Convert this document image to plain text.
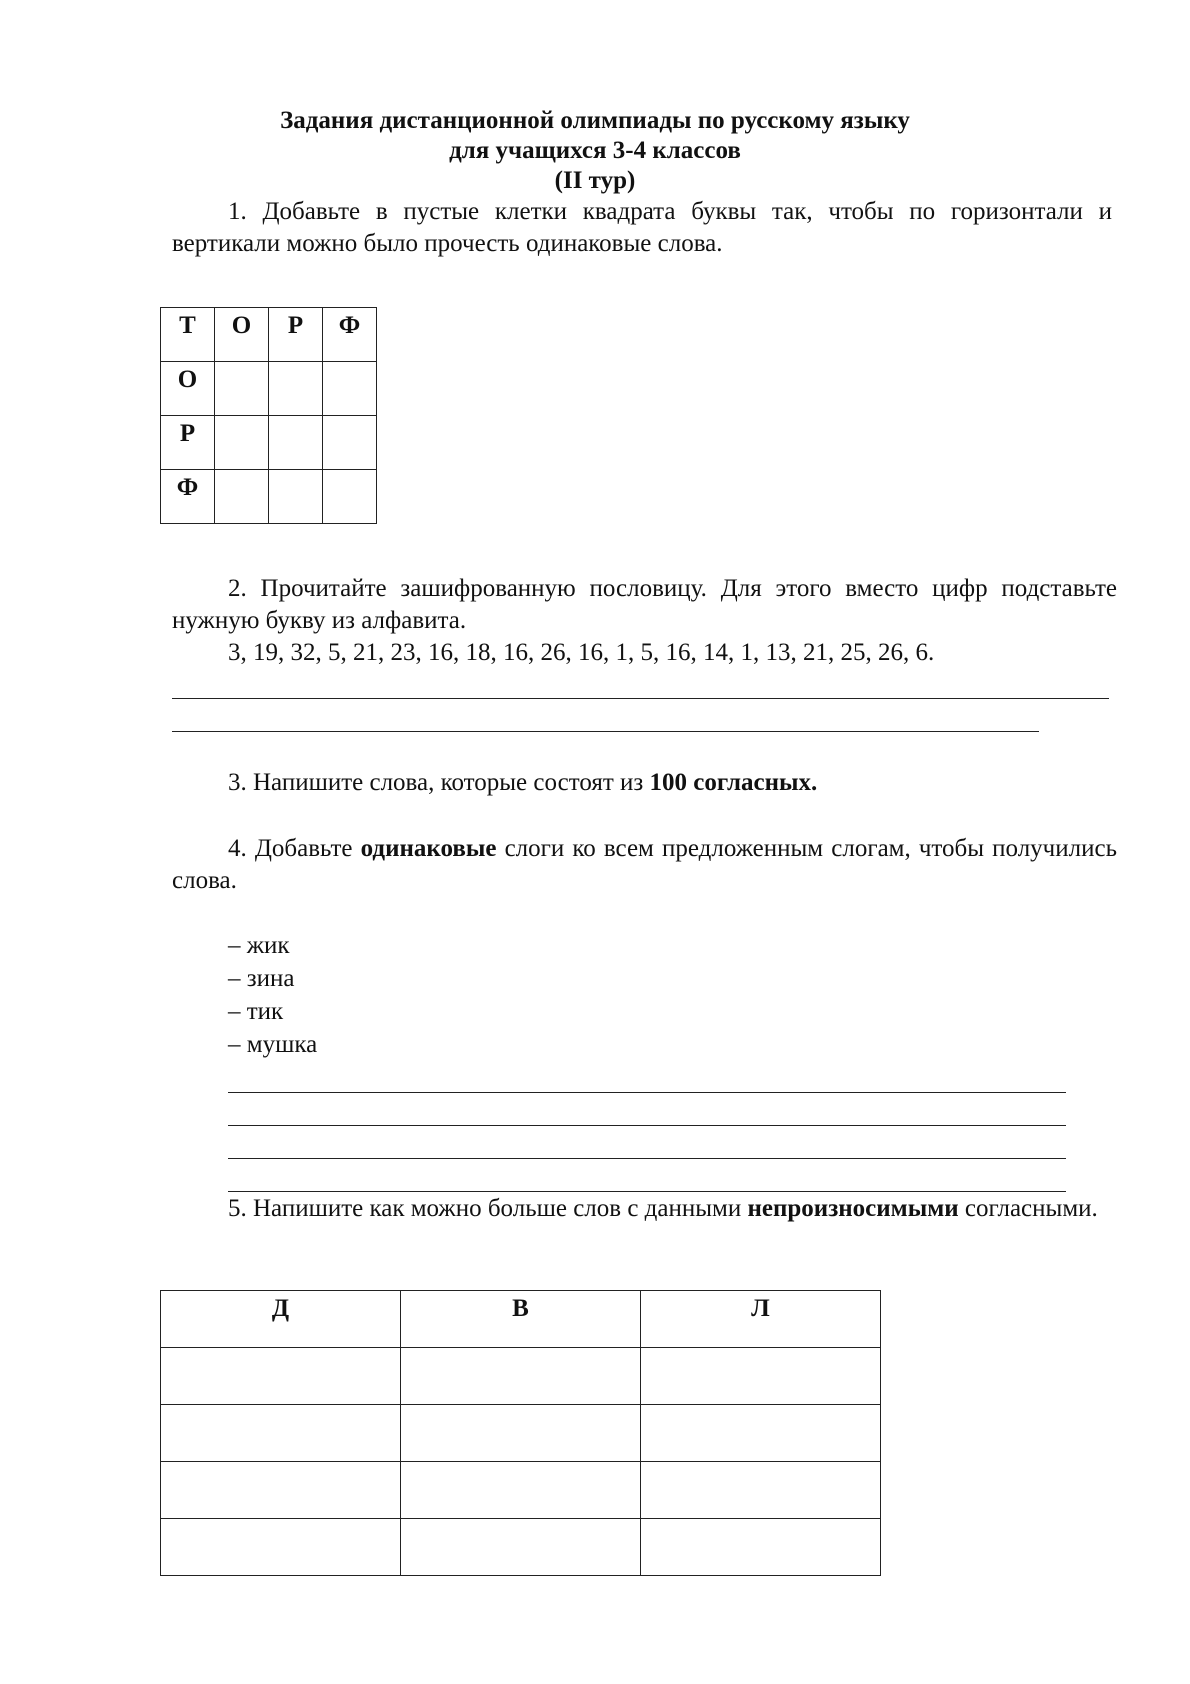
Задания дистанционной олимпиады по русскому языку
для учащихся 3-4 классов
(II тур)
1. Добавьте в пустые клетки квадрата буквы так, чтобы по горизонтали и вертикали можно было прочесть одинаковые слова.
Т	О	Р	Ф
О			
Р			
Ф			
2. Прочитайте зашифрованную пословицу. Для этого вместо цифр подставьте нужную букву из алфавита.
3, 19, 32, 5, 21, 23, 16, 18, 16, 26, 16, 1, 5, 16, 14, 1, 13, 21, 25, 26, 6.
3. Напишите слова, которые состоят из 100 согласных.
4. Добавьте одинаковые слоги ко всем предложенным слогам, чтобы получились слова.
– жик
– зина
– тик
– мушка
5. Напишите как можно больше слов с данными непроизносимыми согласными.
Д	В	Л
